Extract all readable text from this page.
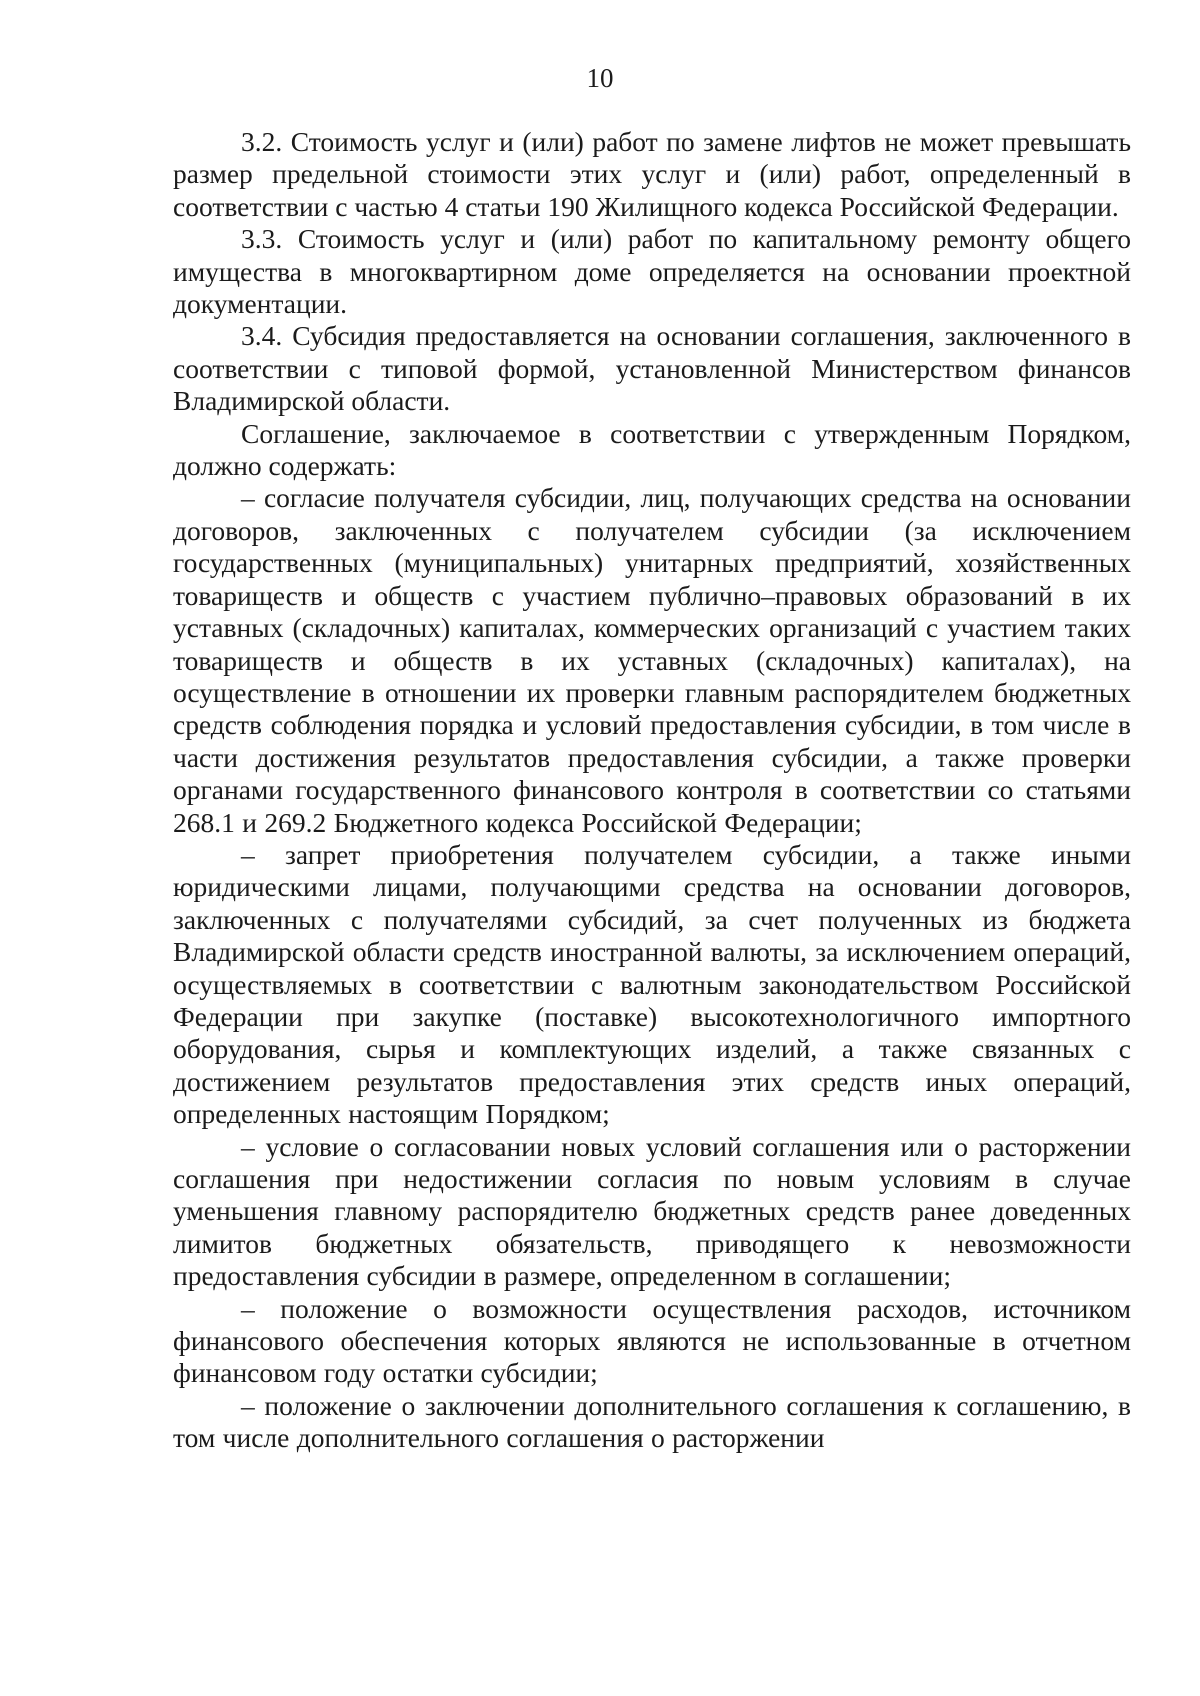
10

3.2. Стоимость услуг и (или) работ по замене лифтов не может превышать размер предельной стоимости этих услуг и (или) работ, определенный в соответствии с частью 4 статьи 190 Жилищного кодекса Российской Федерации.

3.3. Стоимость услуг и (или) работ по капитальному ремонту общего имущества в многоквартирном доме определяется на основании проектной документации.

3.4. Субсидия предоставляется на основании соглашения, заключенного в соответствии с типовой формой, установленной Министерством финансов Владимирской области.

Соглашение, заключаемое в соответствии с утвержденным Порядком, должно содержать:

– согласие получателя субсидии, лиц, получающих средства на основании договоров, заключенных с получателем субсидии (за исключением государственных (муниципальных) унитарных предприятий, хозяйственных товариществ и обществ с участием публично–правовых образований в их уставных (складочных) капиталах, коммерческих организаций с участием таких товариществ и обществ в их уставных (складочных) капиталах), на осуществление в отношении их проверки главным распорядителем бюджетных средств соблюдения порядка и условий предоставления субсидии, в том числе в части достижения результатов предоставления субсидии, а также проверки органами государственного финансового контроля в соответствии со статьями 268.1 и 269.2 Бюджетного кодекса Российской Федерации;

– запрет приобретения получателем субсидии, а также иными юридическими лицами, получающими средства на основании договоров, заключенных с получателями субсидий, за счет полученных из бюджета Владимирской области средств иностранной валюты, за исключением операций, осуществляемых в соответствии с валютным законодательством Российской Федерации при закупке (поставке) высокотехнологичного импортного оборудования, сырья и комплектующих изделий, а также связанных с достижением результатов предоставления этих средств иных операций, определенных настоящим Порядком;

– условие о согласовании новых условий соглашения или о расторжении соглашения при недостижении согласия по новым условиям в случае уменьшения главному распорядителю бюджетных средств ранее доведенных лимитов бюджетных обязательств, приводящего к невозможности предоставления субсидии в размере, определенном в соглашении;

– положение о возможности осуществления расходов, источником финансового обеспечения которых являются не использованные в отчетном финансовом году остатки субсидии;

– положение о заключении дополнительного соглашения к соглашению, в том числе дополнительного соглашения о расторжении
